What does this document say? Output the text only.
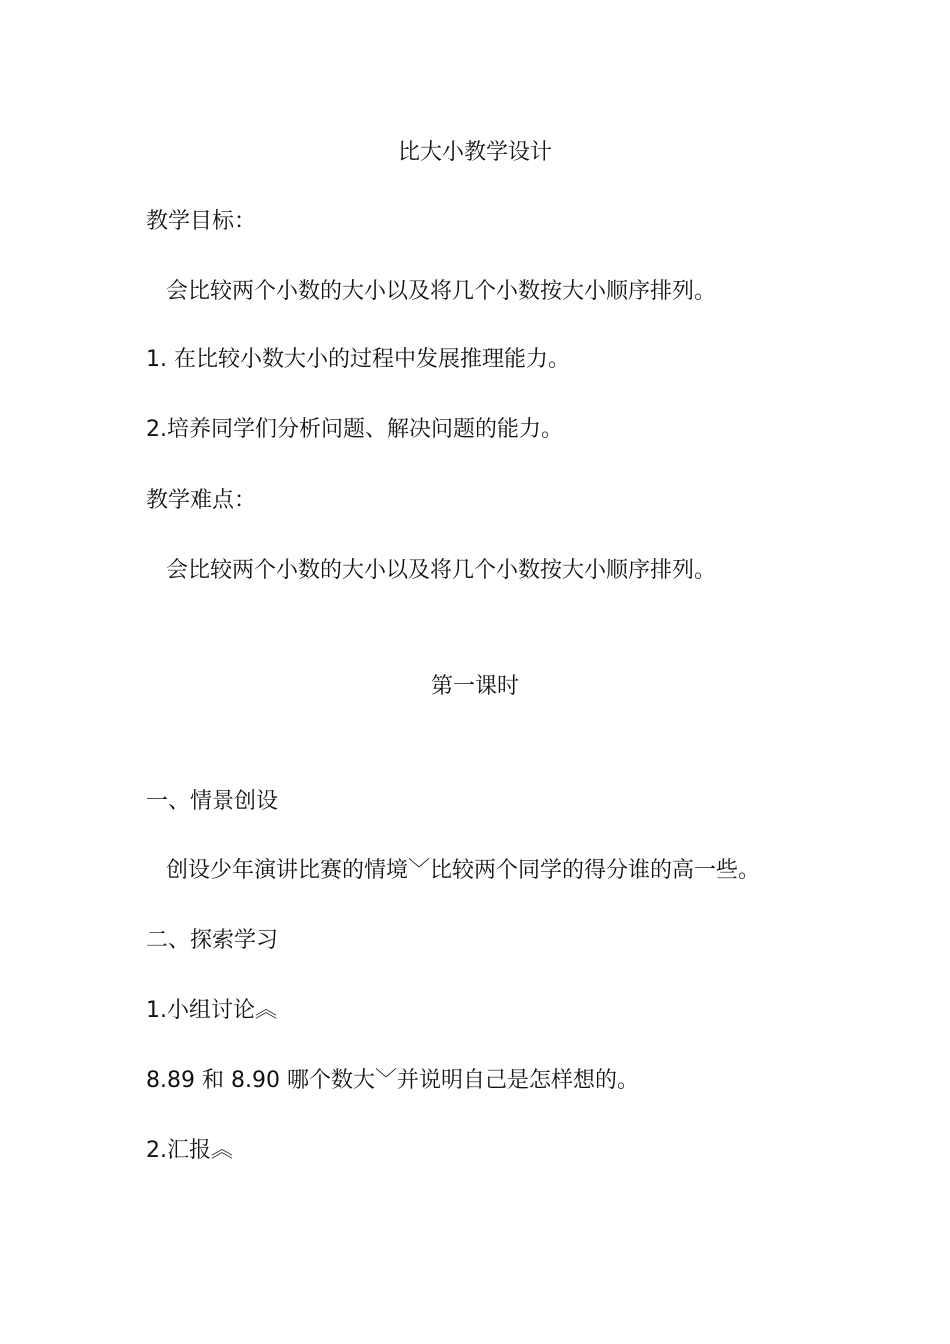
比大小教学设计
教学目标：
会比较两个小数的大小以及将几个小数按大小顺序排列。
1. 在比较小数大小的过程中发展推理能力。
2.培养同学们分析问题、解决问题的能力。
教学难点：
会比较两个小数的大小以及将几个小数按大小顺序排列。
第一课时
一、情景创设
创设少年演讲比赛的情境﹀比较两个同学的得分谁的高一些。
二、探索学习
1.小组讨论︽
8.89 和 8.90 哪个数大﹀并说明自己是怎样想的。
2.汇报︽
